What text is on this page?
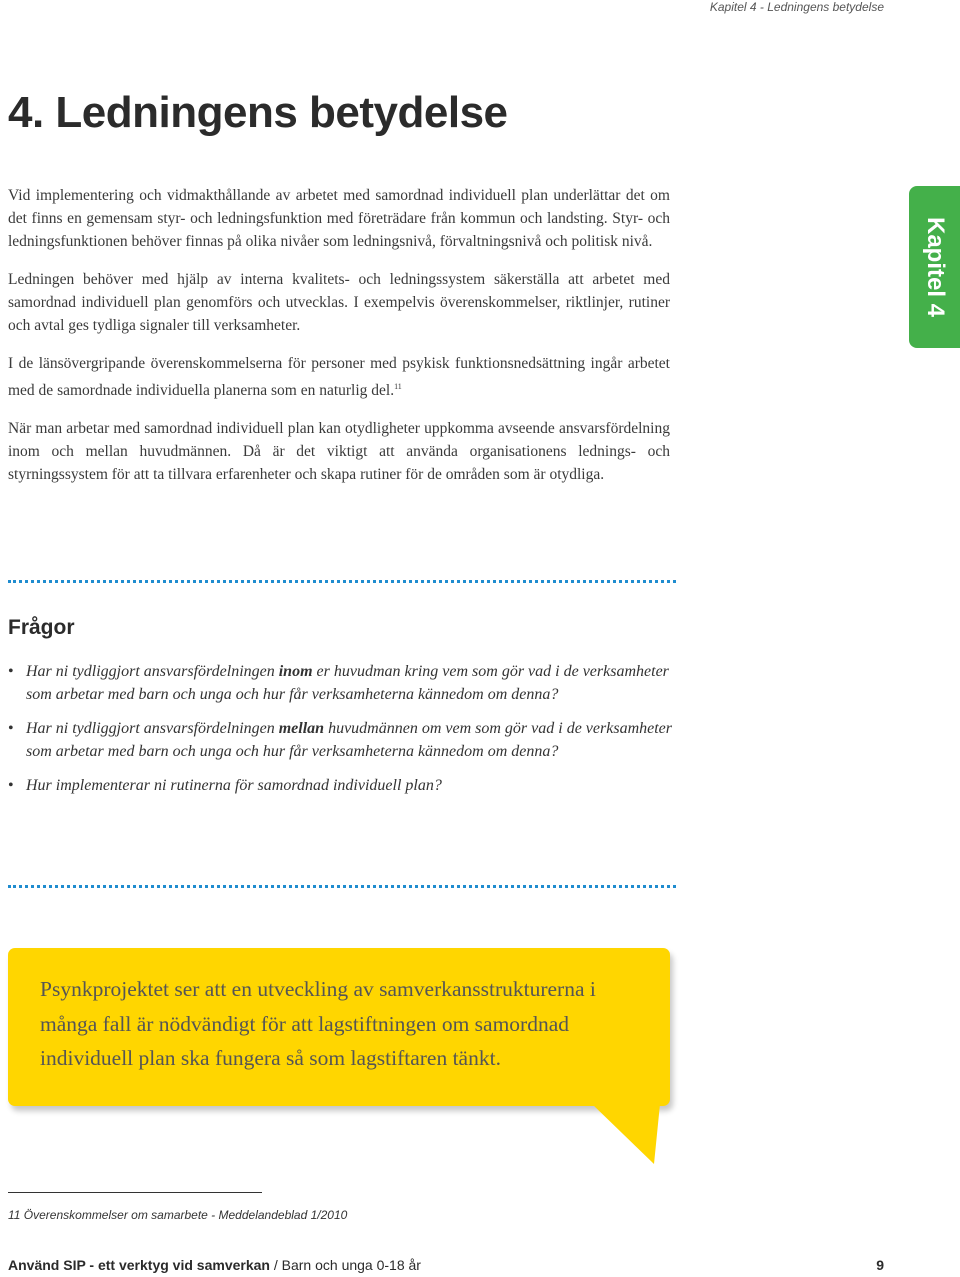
Kapitel 4 - Ledningens betydelse
4. Ledningens betydelse
Kapitel 4

Vid implementering och vidmakthållande av arbetet med samordnad individuell plan underlättar det om det finns en gemensam styr- och ledningsfunktion med företrädare från kommun och landsting. Styr- och ledningsfunktionen behöver finnas på olika nivåer som ledningsnivå, förvaltningsnivå och politisk nivå.

Ledningen behöver med hjälp av interna kvalitets- och ledningssystem säkerställa att arbetet med samordnad individuell plan genomförs och utvecklas. I exempelvis överenskommelser, riktlinjer, rutiner och avtal ges tydliga signaler till verksamheter.

I de länsövergripande överenskommelserna för personer med psykisk funktionsnedsättning ingår arbetet med de samordnade individuella planerna som en naturlig del.$^{11}$

När man arbetar med samordnad individuell plan kan otydligheter uppkomma avseende ansvarsfördelning inom och mellan huvudmännen. Då är det viktigt att använda organisationens lednings- och styrningssystem för att ta tillvara erfarenheter och skapa rutiner för de områden som är otydliga.

Frågor
• Har ni tydliggjort ansvarsfördelningen inom er huvudman kring vem som gör vad i de verksamheter som arbetar med barn och unga och hur får verksamheterna kännedom om denna?
• Har ni tydliggjort ansvarsfördelningen mellan huvudmännen om vem som gör vad i de verksamheter som arbetar med barn och unga och hur får verksamheterna kännedom om denna?
• Hur implementerar ni rutinerna för samordnad individuell plan?
Psynkprojektet ser att en utveckling av samverkansstrukturerna i många fall är nödvändigt för att lagstiftningen om samordnad individuell plan ska fungera så som lagstiftaren tänkt.
11 Överenskommelser om samarbete - Meddelandeblad 1/2010
Använd SIP - ett verktyg vid samverkan / Barn och unga 0-18 år	9
